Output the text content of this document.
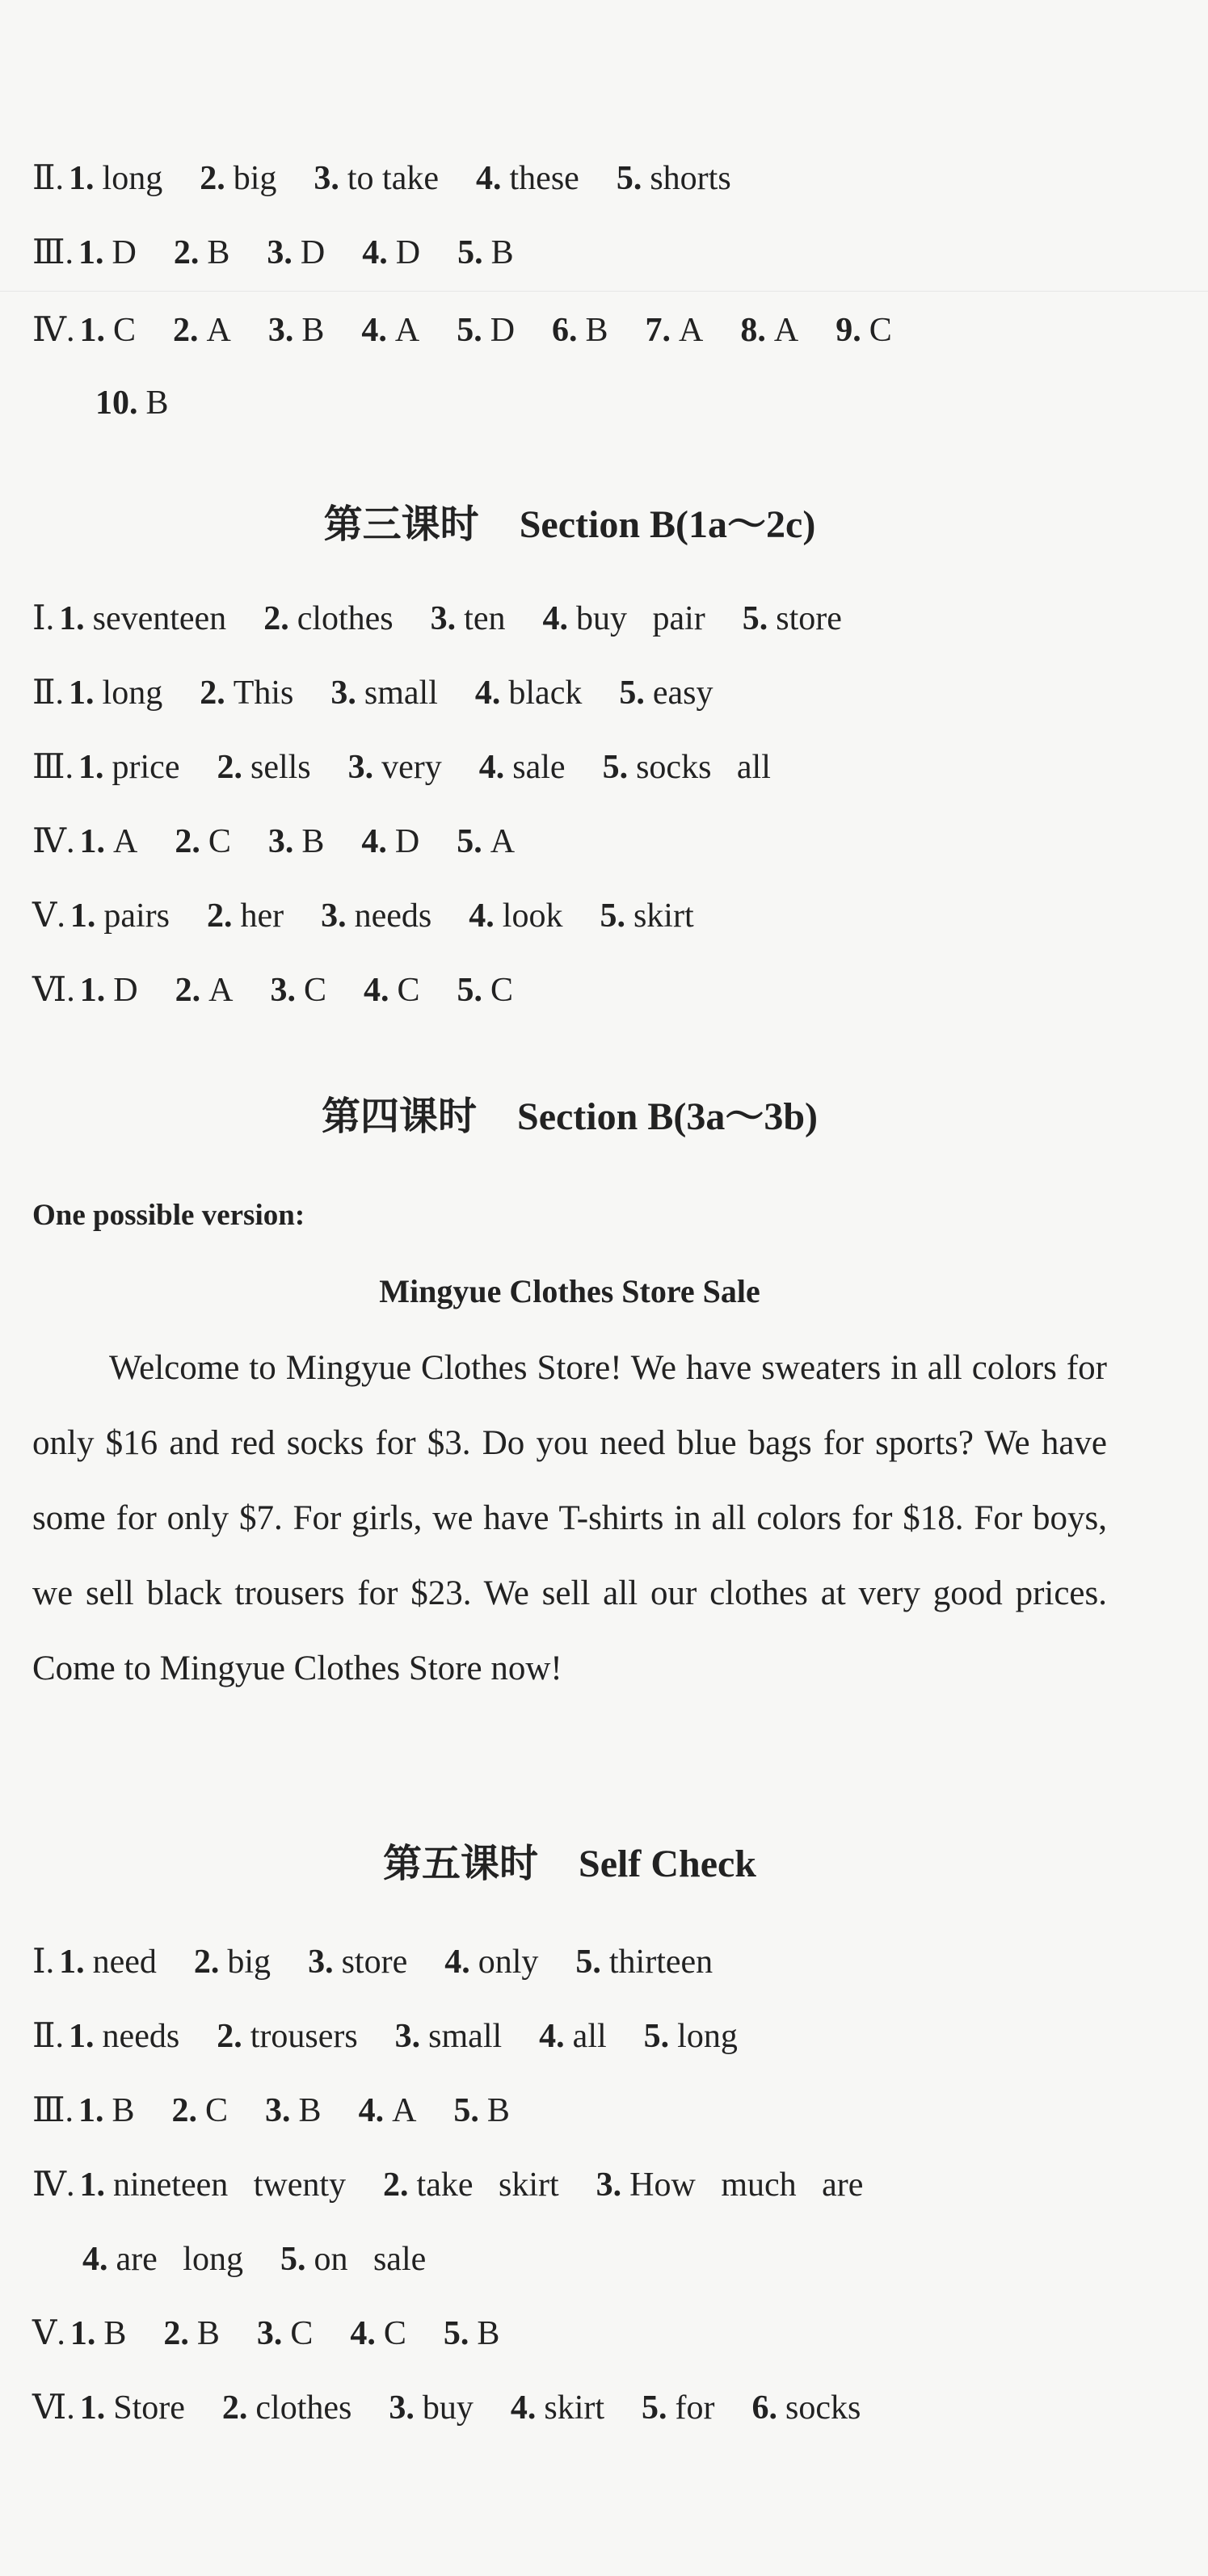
Ⅱ. 1. long 2. big 3. to take 4. these 5. shorts
Ⅲ. 1. D 2. B 3. D 4. D 5. B
Ⅳ. 1. C 2. A 3. B 4. A 5. D 6. B 7. A 8. A 9. C
10. B
第三课时 Section B(1a～2c)
Ⅰ. 1. seventeen 2. clothes 3. ten 4. buy   pair 5. store
Ⅱ. 1. long 2. This 3. small 4. black 5. easy
Ⅲ. 1. price 2. sells 3. very 4. sale 5. socks   all
Ⅳ. 1. A 2. C 3. B 4. D 5. A
Ⅴ. 1. pairs 2. her 3. needs 4. look 5. skirt
Ⅵ. 1. D 2. A 3. C 4. C 5. C
第四课时 Section B(3a～3b)
One possible version:
Mingyue Clothes Store Sale

Welcome to Mingyue Clothes Store! We have sweaters in all colors for only $16 and red socks for $3. Do you need blue bags for sports? We have some for only $7. For girls, we have T-shirts in all colors for $18. For boys, we sell black trousers for $23. We sell all our clothes at very good prices. Come to Mingyue Clothes Store now!

第五课时 Self Check
Ⅰ. 1. need 2. big 3. store 4. only 5. thirteen
Ⅱ. 1. needs 2. trousers 3. small 4. all 5. long
Ⅲ. 1. B 2. C 3. B 4. A 5. B
Ⅳ. 1. nineteen   twenty 2. take   skirt 3. How   much   are
4. are   long 5. on   sale
Ⅴ. 1. B 2. B 3. C 4. C 5. B
Ⅵ. 1. Store 2. clothes 3. buy 4. skirt 5. for 6. socks
